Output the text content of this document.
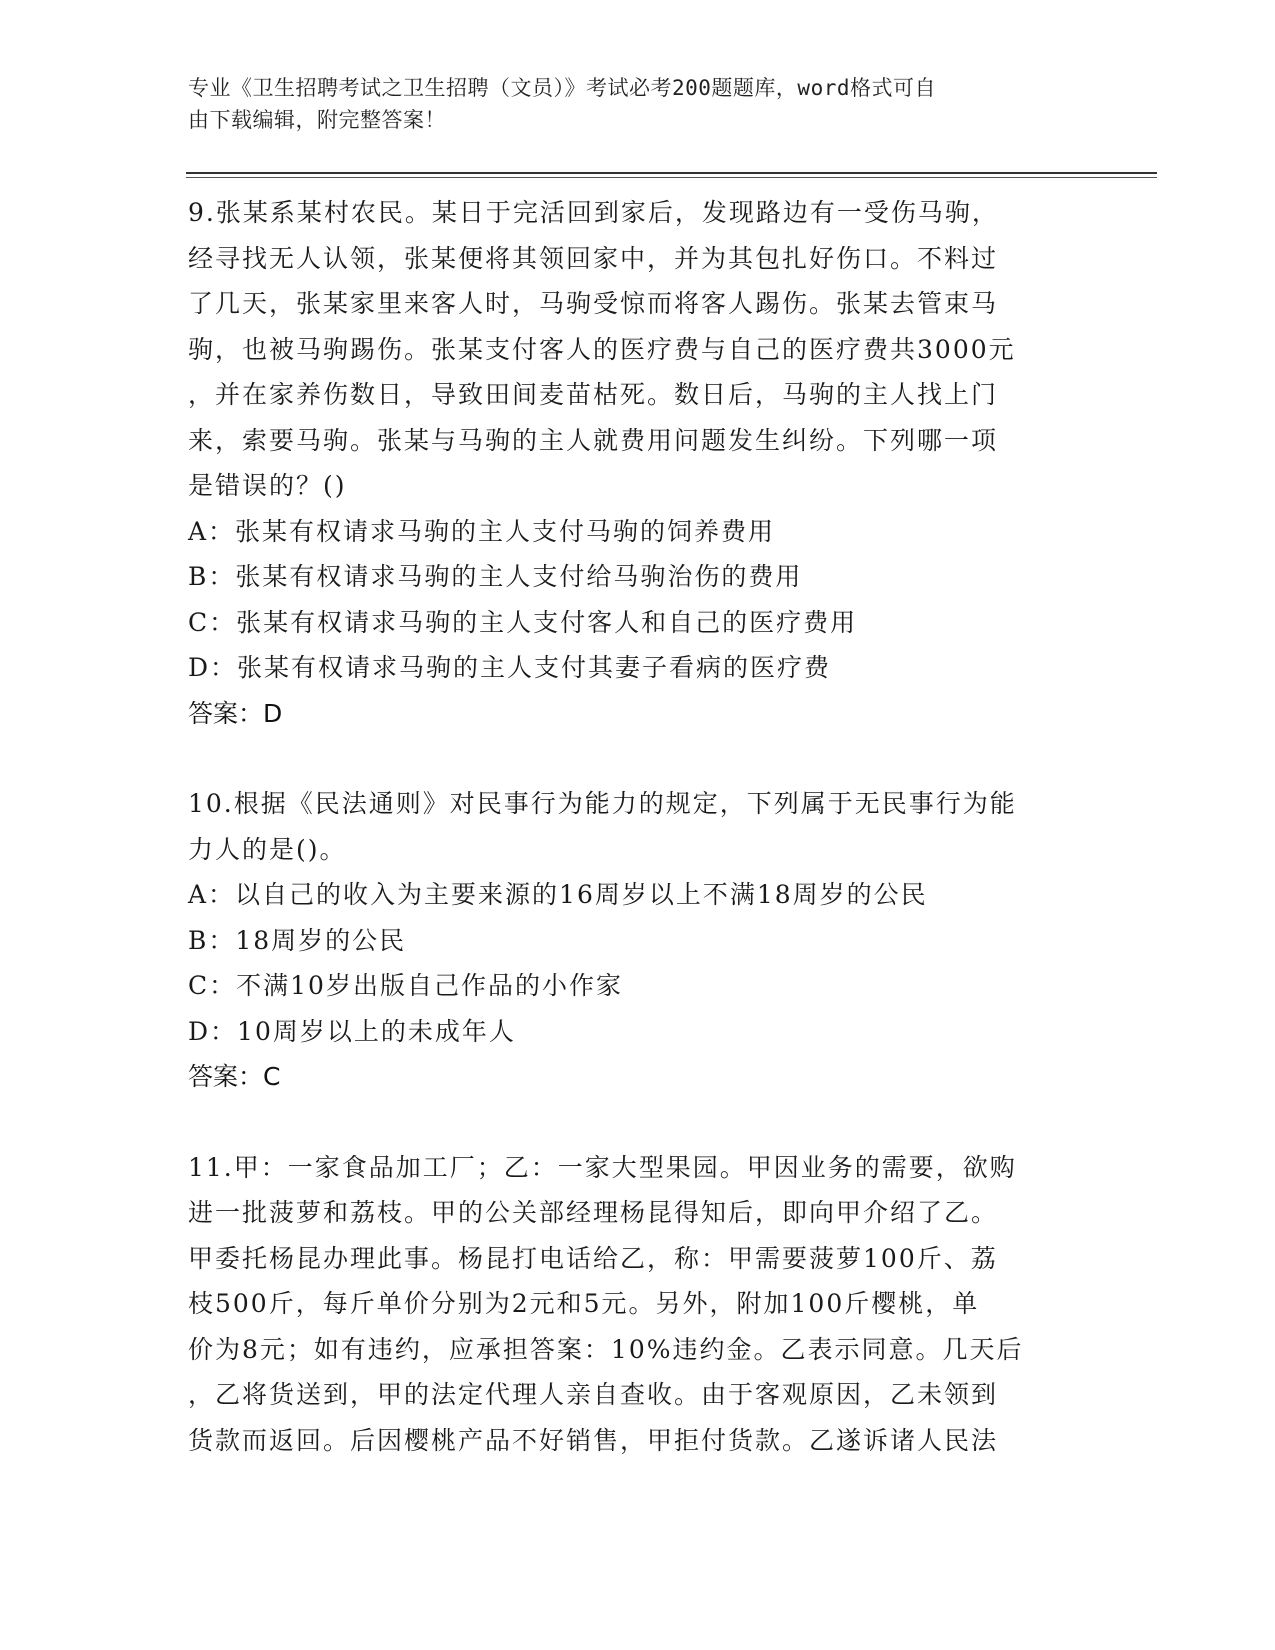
专业《卫生招聘考试之卫生招聘（文员）》考试必考200题题库，word格式可自
由下载编辑，附完整答案！

9.张某系某村农民。某日于完活回到家后，发现路边有一受伤马驹，

经寻找无人认领，张某便将其领回家中，并为其包扎好伤口。不料过

了几天，张某家里来客人时，马驹受惊而将客人踢伤。张某去管束马

驹，也被马驹踢伤。张某支付客人的医疗费与自己的医疗费共3000元

，并在家养伤数日，导致田间麦苗枯死。数日后，马驹的主人找上门

来，索要马驹。张某与马驹的主人就费用问题发生纠纷。下列哪一项

是错误的？()

A：张某有权请求马驹的主人支付马驹的饲养费用

B：张某有权请求马驹的主人支付给马驹治伤的费用

C：张某有权请求马驹的主人支付客人和自己的医疗费用

D：张某有权请求马驹的主人支付其妻子看病的医疗费

答案：D

10.根据《民法通则》对民事行为能力的规定，下列属于无民事行为能

力人的是()。

A：以自己的收入为主要来源的16周岁以上不满18周岁的公民

B：18周岁的公民

C：不满10岁出版自己作品的小作家

D：10周岁以上的未成年人

答案：C

11.甲：一家食品加工厂；乙：一家大型果园。甲因业务的需要，欲购

进一批菠萝和荔枝。甲的公关部经理杨昆得知后，即向甲介绍了乙。

甲委托杨昆办理此事。杨昆打电话给乙，称：甲需要菠萝100斤、荔

枝500斤，每斤单价分别为2元和5元。另外，附加100斤樱桃，单

价为8元；如有违约，应承担答案：10%违约金。乙表示同意。几天后

，乙将货送到，甲的法定代理人亲自查收。由于客观原因，乙未领到

货款而返回。后因樱桃产品不好销售，甲拒付货款。乙遂诉诸人民法
